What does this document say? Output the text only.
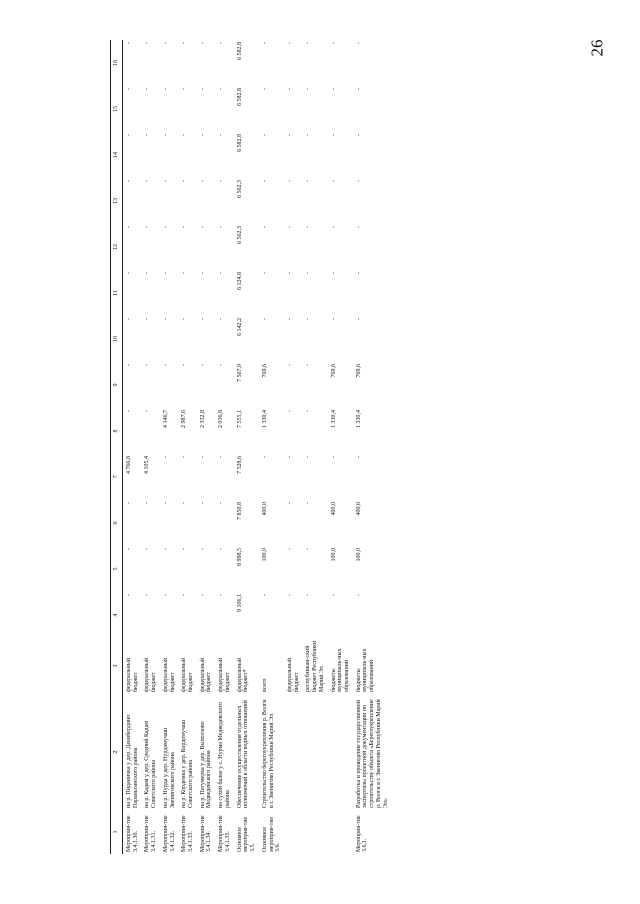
26
1	2	3	4	5	6	7	8	9	10	11	12	13	14	15	16
Мероприя-тие 3.4.1.30.	на р. Пиданичка у дер. Декибердино Параньгинского района	федеральный бюджет	-	-	-	4 766,8	-	-	-	-	-	-	-	-	-
Мероприя-тие 3.4.1.31.	на р. Кадам у дер. Средний Кадам Советского района	федеральный бюджет	-	-	-	4 105,4	-	-	-	-	-	-	-	-	-
Мероприя-тие 3.4.1.32.	на р. Нурда у дер. Нурдамучаш Звениговского района	федеральный бюджет	-	-	-	-	4 146,7	-	-	-	-	-	-	-	-
Мероприя-тие 3.4.1.33.	на р. Кордемка у дер. Кордемучаш Советского района	федеральный бюджет	-	-	-	-	2 987,6	-	-	-	-	-	-	-	-
Мероприя-тие 3.4.1.34.	на р. Пегумерка у дер. Выползово Медведевского района	федеральный бюджет	-	-	-	-	2 332,8	-	-	-	-	-	-	-	-
Мероприя-тие 3.4.1.35.	на сухой балке у с. Нурма Медведевского района	федеральный бюджет	-	-	-	-	2 036,8	-	-	-	-	-	-	-	-
Основное мероприя-тие 3.5.	Обеспечение осуществления отдельных полномочий в области водных отношений	федеральный бюджет*	9 106,1	8 998,5	7 850,8	7 528,6	7 555,1	7 567,9	6 142,2	6 124,8	6 562,3	6 562,3	6 582,8	6 582,8	6 582,8
Основное мероприя-тие 3.6.	Строительство берегоукрепления р. Волги в г. Звенигово Республики Марий Эл	всего	-	100,0	400,0	-	1 330,4	769,6	-	-	-	-	-	-	-
		федеральный бюджет	-	-	-	-	-	-	-	-	-	-	-	-	-
		республикан-ский бюджет Республики Марий Эл	-	-	-	-	-	-	-	-	-	-	-	-	-
		бюджеты муниципаль-ных образований	-	100,0	400,0	-	1 330,4	769,6	-	-	-	-	-	-	-
Мероприя-тие 3.6.1.	Разработка и проведение государственной экспертизы проектной документации по строительству объекта «Берегоукрепление р. Волги в г. Звенигово Республики Марий Эл»	бюджеты муниципаль-ных образований	-	100,0	400,0	-	1 330,4	769,6	-	-	-	-	-	-	-
